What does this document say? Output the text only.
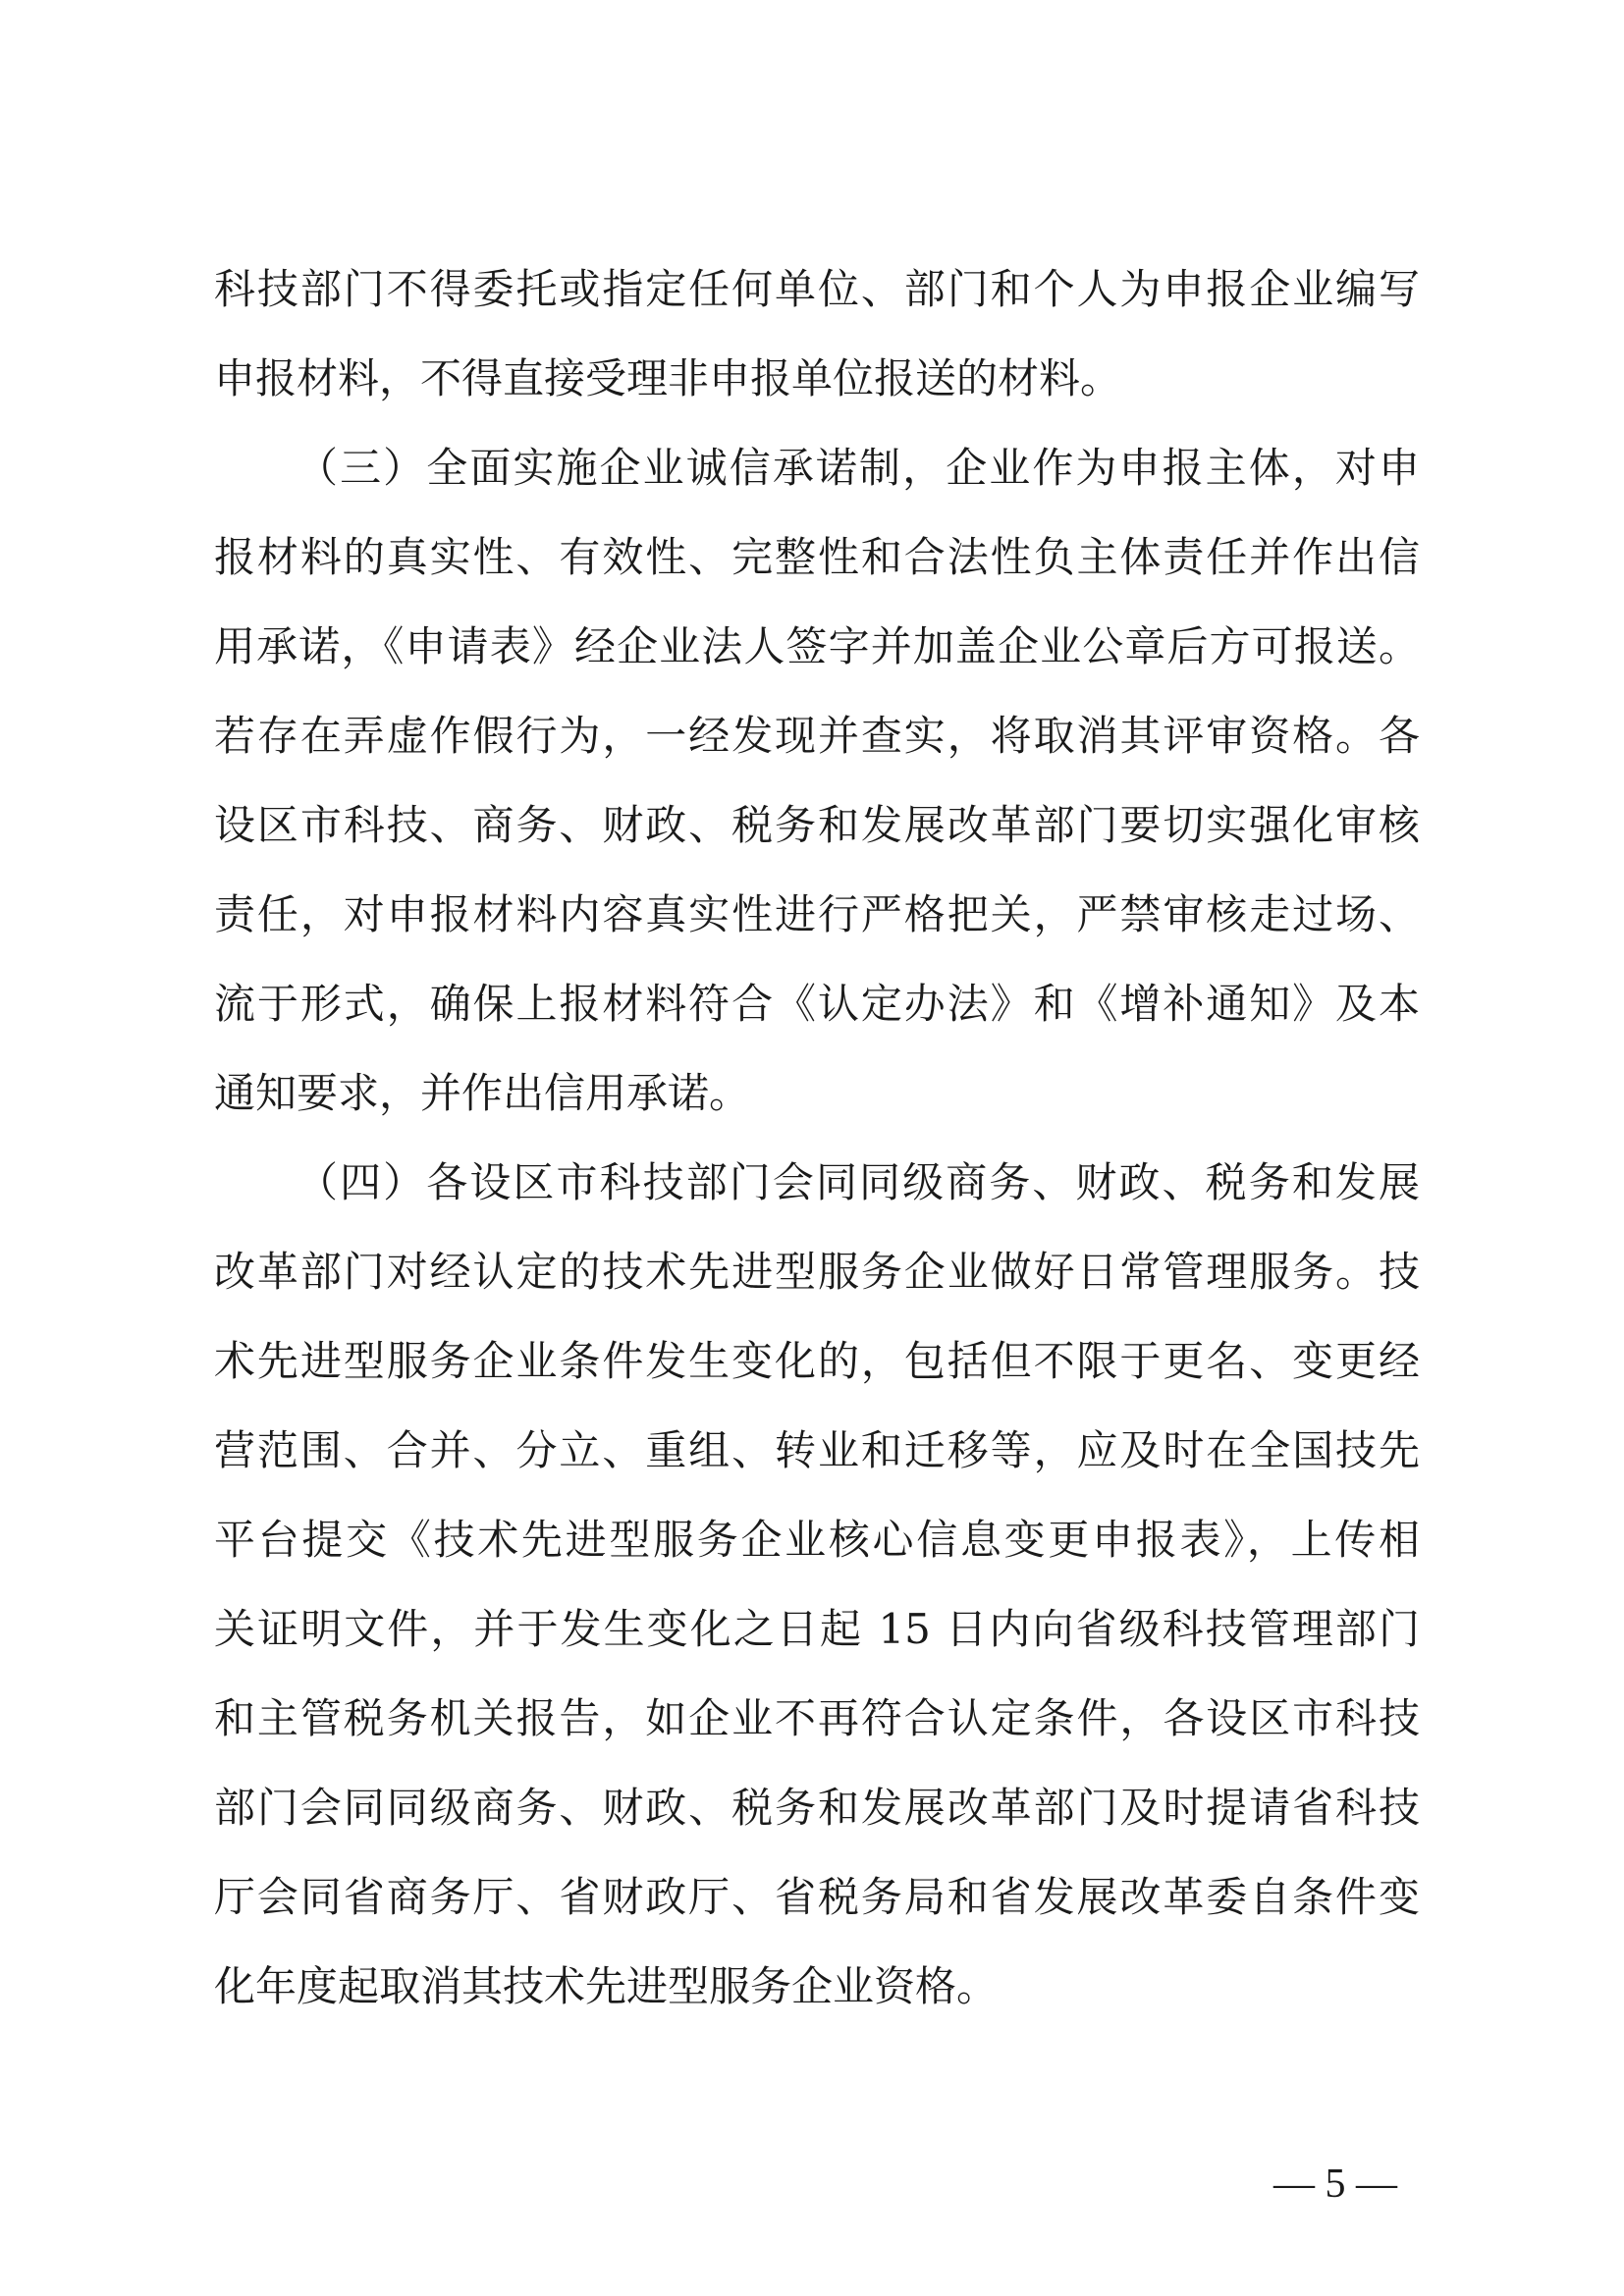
科技部门不得委托或指定任何单位、部门和个人为申报企业编写
申报材料，不得直接受理非申报单位报送的材料。
（三）全面实施企业诚信承诺制，企业作为申报主体，对申
报材料的真实性、有效性、完整性和合法性负主体责任并作出信
用承诺，《申请表》经企业法人签字并加盖企业公章后方可报送。
若存在弄虚作假行为，一经发现并查实，将取消其评审资格。各
设区市科技、商务、财政、税务和发展改革部门要切实强化审核
责任，对申报材料内容真实性进行严格把关，严禁审核走过场、
流于形式，确保上报材料符合《认定办法》和《增补通知》及本
通知要求，并作出信用承诺。
（四）各设区市科技部门会同同级商务、财政、税务和发展
改革部门对经认定的技术先进型服务企业做好日常管理服务。技
术先进型服务企业条件发生变化的，包括但不限于更名、变更经
营范围、合并、分立、重组、转业和迁移等，应及时在全国技先
平台提交《技术先进型服务企业核心信息变更申报表》，上传相
关证明文件，并于发生变化之日起 15 日内向省级科技管理部门
和主管税务机关报告，如企业不再符合认定条件，各设区市科技
部门会同同级商务、财政、税务和发展改革部门及时提请省科技
厅会同省商务厅、省财政厅、省税务局和省发展改革委自条件变
化年度起取消其技术先进型服务企业资格。
— 5 —
